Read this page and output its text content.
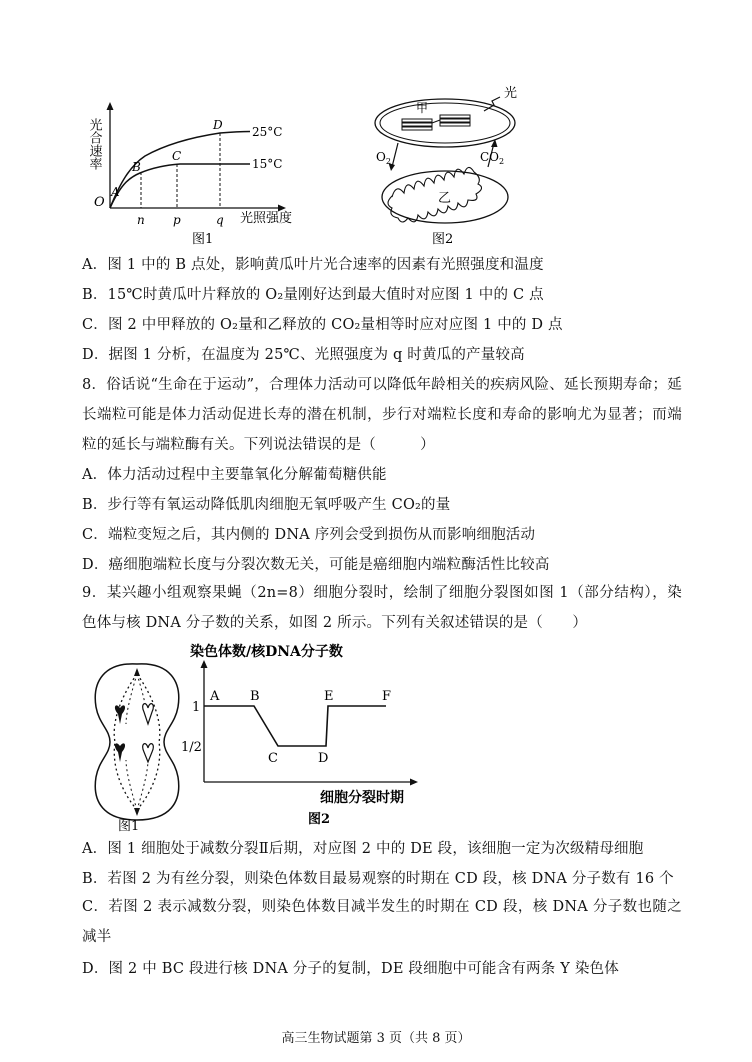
光合速率
O
A
B
C
D 25°C
15°C
n p	q 光照强度
图1
甲
光
$O_2$	$CO_2$
乙
图2
A．图 1 中的 B 点处，影响黄瓜叶片光合速率的因素有光照强度和温度
B．15℃时黄瓜叶片释放的 O₂量刚好达到最大值时对应图 1 中的 C 点
C．图 2 中甲释放的 O₂量和乙释放的 CO₂量相等时应对应图 1 中的 D 点
D．据图 1 分析，在温度为 25℃、光照强度为 q 时黄瓜的产量较高
8．俗话说“生命在于运动”，合理体力活动可以降低年龄相关的疾病风险、延长预期寿命；延长端粒可能是体力活动促进长寿的潜在机制，步行对端粒长度和寿命的影响尤为显著；而端粒的延长与端粒酶有关。下列说法错误的是（　　　）
A．体力活动过程中主要靠氧化分解葡萄糖供能
B．步行等有氧运动降低肌肉细胞无氧呼吸产生 CO₂的量
C．端粒变短之后，其内侧的 DNA 序列会受到损伤从而影响细胞活动
D．癌细胞端粒长度与分裂次数无关，可能是癌细胞内端粒酶活性比较高
9．某兴趣小组观察果蝇（2n=8）细胞分裂时，绘制了细胞分裂图如图 1（部分结构），染色体与核 DNA 分子数的关系，如图 2 所示。下列有关叙述错误的是（　　）
图1
染色体数/核DNA分子数
1
1/2
A B
C	D
E	F
细胞分裂时期
图2
A．图 1 细胞处于减数分裂Ⅱ后期，对应图 2 中的 DE 段，该细胞一定为次级精母细胞
B．若图 2 为有丝分裂，则染色体数目最易观察的时期在 CD 段，核 DNA 分子数有 16 个
C．若图 2 表示减数分裂，则染色体数目减半发生的时期在 CD 段，核 DNA 分子数也随之减半
D．图 2 中 BC 段进行核 DNA 分子的复制，DE 段细胞中可能含有两条 Y 染色体
高三生物试题第 3 页（共 8 页）
